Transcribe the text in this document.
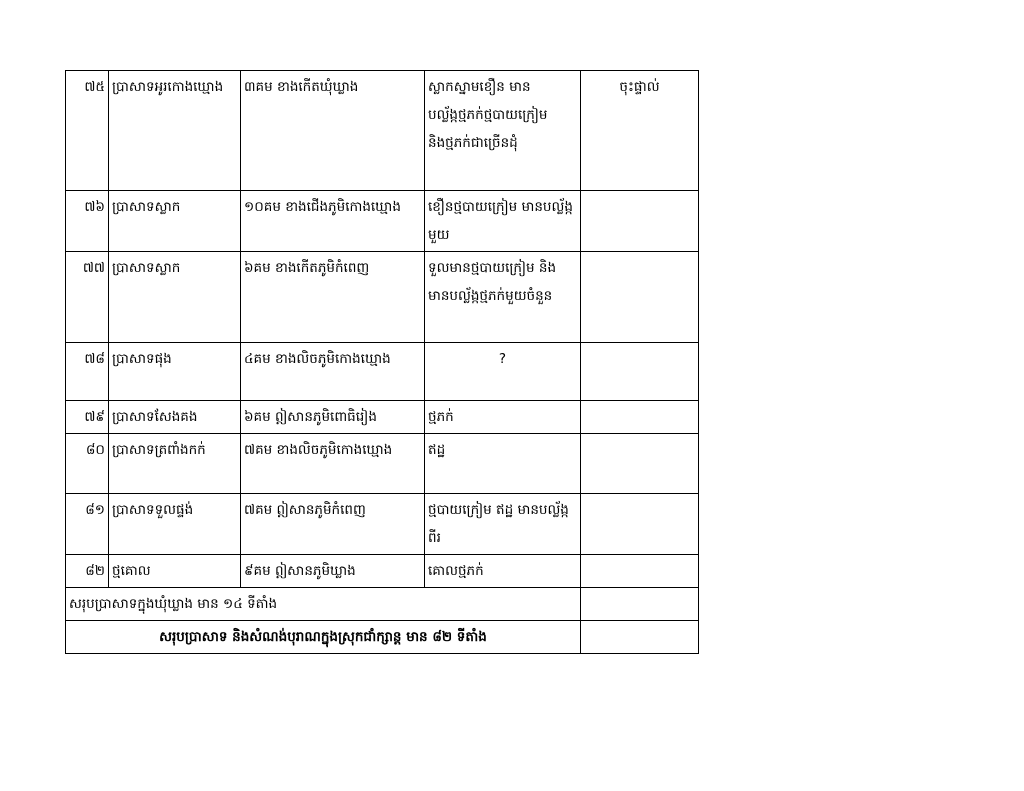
៧៥	ប្រាសាទអូរកោងឃ្មោង	៣គម ខាងកើតឃុំឃ្លាង	ស្លាកស្នាមខឿន មានបល្ល័ង្កថ្មភក់ថ្មបាយក្រៀម និងថ្មភក់ជាច្រើនដុំ	ចុះផ្ទាល់
៧៦	ប្រាសាទស្លាក	១០គម ខាងជើងភូមិកោងឃ្មោង	ខឿនថ្មបាយក្រៀម មានបល្ល័ង្កមួយ	
៧៧	ប្រាសាទស្លាក	៦គម ខាងកើតភូមិកំពេញ	ទួលមានថ្មបាយក្រៀម និងមានបល្ល័ង្កថ្មភក់មួយចំនួន	
៧៨	ប្រាសាទផុង	៤គម ខាងលិចភូមិកោងឃ្មោង	?	
៧៩	ប្រាសាទសែងគង	៦គម ឦសានភូមិពោធិរៀង	ថ្មភក់	
៨០	ប្រាសាទត្រពាំងកក់	៧គម ខាងលិចភូមិកោងឃ្មោង	ឥដ្ឋ	
៨១	ប្រាសាទទួលផ្ទង់	៧គម ឦសានភូមិកំពេញ	ថ្មបាយក្រៀម ឥដ្ឋ មានបល្ល័ង្កពីរ	
៨២	ថ្មគោល	៩គម ឦសានភូមិឃ្លាង	គោលថ្មភក់	
សរុបប្រាសាទក្នុងឃុំឃ្លាង មាន ១៤ ទីតាំង				
សរុបប្រាសាទ និងសំណង់បុរាណក្នុងស្រុកជាំក្សាន្ត មាន ៨២ ទីតាំង				
